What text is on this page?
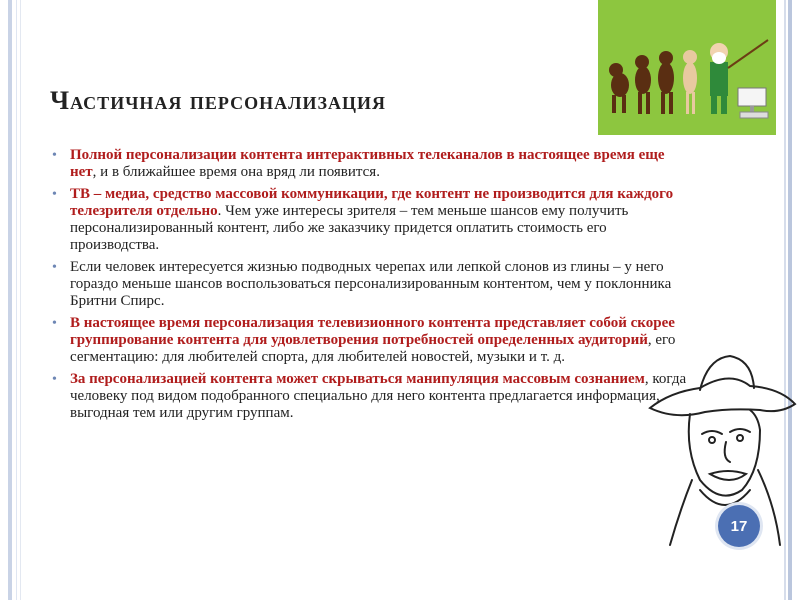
Частичная персонализация
• Полной персонализации контента интерактивных телеканалов в настоящее время еще нет, и в ближайшее время она вряд ли появится.
• ТВ – медиа, средство массовой коммуникации, где контент не производится для каждого телезрителя отдельно. Чем уже интересы зрителя – тем меньше шансов ему получить персонализированный контент, либо же заказчику придется оплатить стоимость его производства.
• Если человек интересуется жизнью подводных черепах или лепкой слонов из глины – у него гораздо меньше шансов воспользоваться персонализированным контентом, чем у поклонника Бритни Спирс.
• В настоящее время персонализация телевизионного контента представляет собой скорее группирование контента для удовлетворения потребностей определенных аудиторий, его сегментацию: для любителей спорта, для любителей новостей, музыки и т. д.
• За персонализацией контента может скрываться манипуляция массовым сознанием, когда человеку под видом подобранного специально для него контента предлагается информация, выгодная тем или другим группам.
17
